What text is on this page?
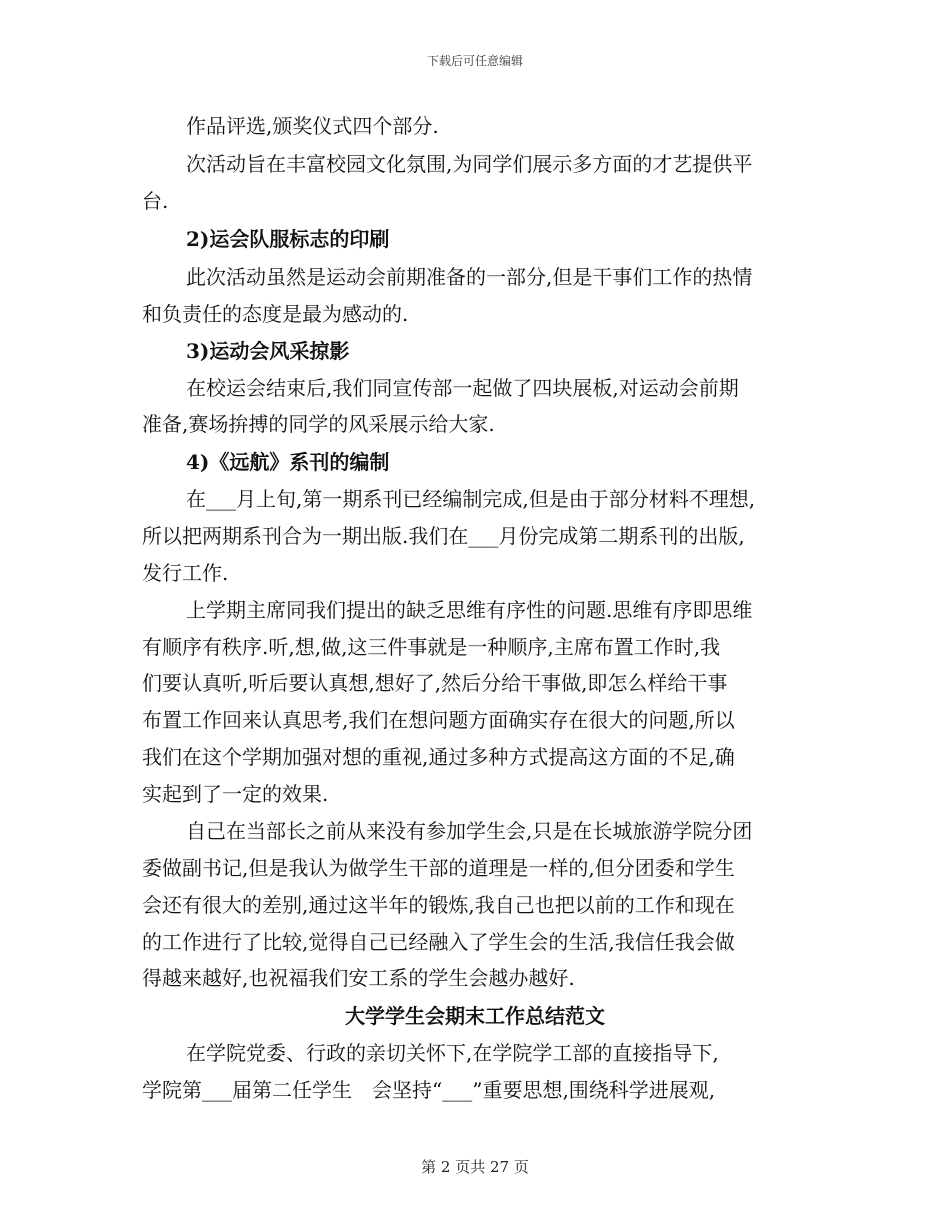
下载后可任意编辑
作品评选,颁奖仪式四个部分.
次活动旨在丰富校园文化氛围,为同学们展示多方面的才艺提供平
台.
2)运会队服标志的印刷
此次活动虽然是运动会前期准备的一部分,但是干事们工作的热情
和负责任的态度是最为感动的.
3)运动会风采掠影
在校运会结束后,我们同宣传部一起做了四块展板,对运动会前期
准备,赛场拚搏的同学的风采展示给大家.
4)《远航》系刊的编制
在___月上旬,第一期系刊已经编制完成,但是由于部分材料不理想,
所以把两期系刊合为一期出版.我们在___月份完成第二期系刊的出版,
发行工作.
上学期主席同我们提出的缺乏思维有序性的问题.思维有序即思维
有顺序有秩序.听,想,做,这三件事就是一种顺序,主席布置工作时,我
们要认真听,听后要认真想,想好了,然后分给干事做,即怎么样给干事
布置工作回来认真思考,我们在想问题方面确实存在很大的问题,所以
我们在这个学期加强对想的重视,通过多种方式提高这方面的不足,确
实起到了一定的效果.
自己在当部长之前从来没有参加学生会,只是在长城旅游学院分团
委做副书记,但是我认为做学生干部的道理是一样的,但分团委和学生
会还有很大的差别,通过这半年的锻炼,我自己也把以前的工作和现在
的工作进行了比较,觉得自己已经融入了学生会的生活,我信任我会做
得越来越好,也祝福我们安工系的学生会越办越好.
大学学生会期末工作总结范文
在学院党委、行政的亲切关怀下,在学院学工部的直接指导下,
学院第___届第二任学生　会坚持“___”重要思想,围绕科学进展观,
第 2 页共 27 页
